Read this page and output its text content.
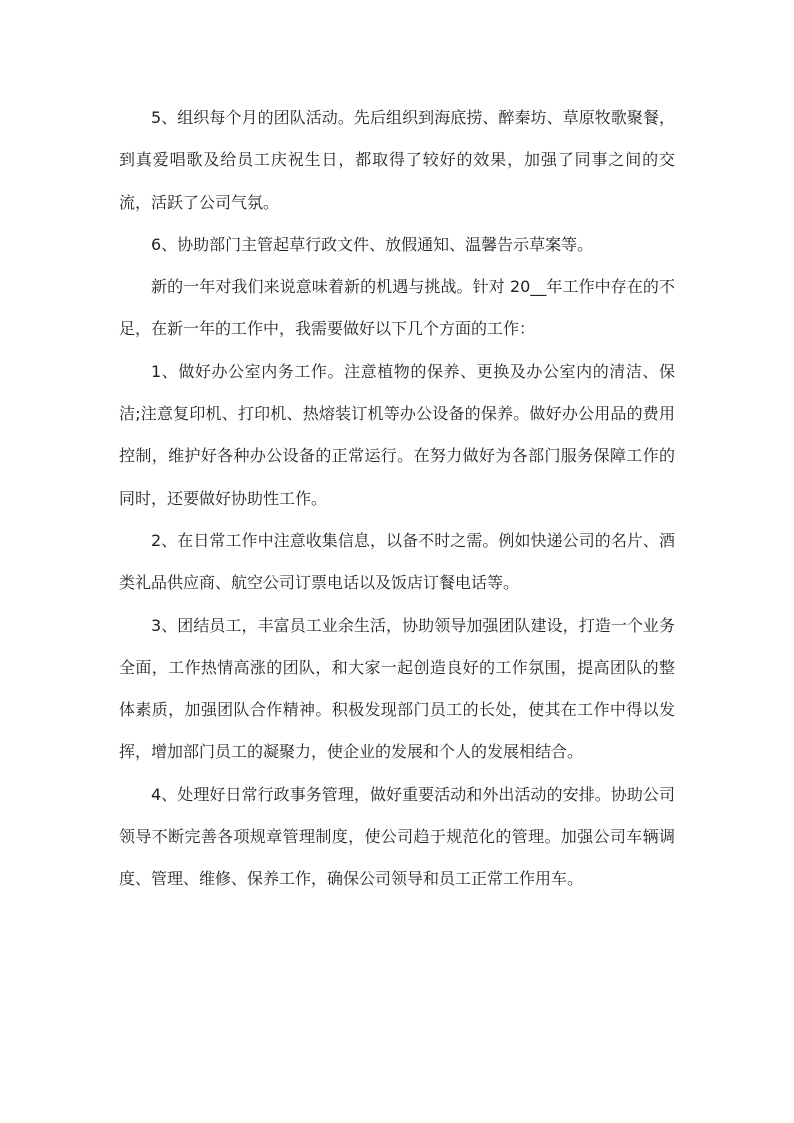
5、组织每个月的团队活动。先后组织到海底捞、醉秦坊、草原牧歌聚餐，到真爱唱歌及给员工庆祝生日，都取得了较好的效果，加强了同事之间的交流，活跃了公司气氛。

6、协助部门主管起草行政文件、放假通知、温馨告示草案等。

新的一年对我们来说意味着新的机遇与挑战。针对 20__年工作中存在的不足，在新一年的工作中，我需要做好以下几个方面的工作：

1、做好办公室内务工作。注意植物的保养、更换及办公室内的清洁、保洁;注意复印机、打印机、热熔装订机等办公设备的保养。做好办公用品的费用控制，维护好各种办公设备的正常运行。在努力做好为各部门服务保障工作的同时，还要做好协助性工作。

2、在日常工作中注意收集信息，以备不时之需。例如快递公司的名片、酒类礼品供应商、航空公司订票电话以及饭店订餐电话等。

3、团结员工，丰富员工业余生活，协助领导加强团队建设，打造一个业务全面，工作热情高涨的团队，和大家一起创造良好的工作氛围，提高团队的整体素质，加强团队合作精神。积极发现部门员工的长处，使其在工作中得以发挥，增加部门员工的凝聚力，使企业的发展和个人的发展相结合。

4、处理好日常行政事务管理，做好重要活动和外出活动的安排。协助公司领导不断完善各项规章管理制度，使公司趋于规范化的管理。加强公司车辆调度、管理、维修、保养工作，确保公司领导和员工正常工作用车。
